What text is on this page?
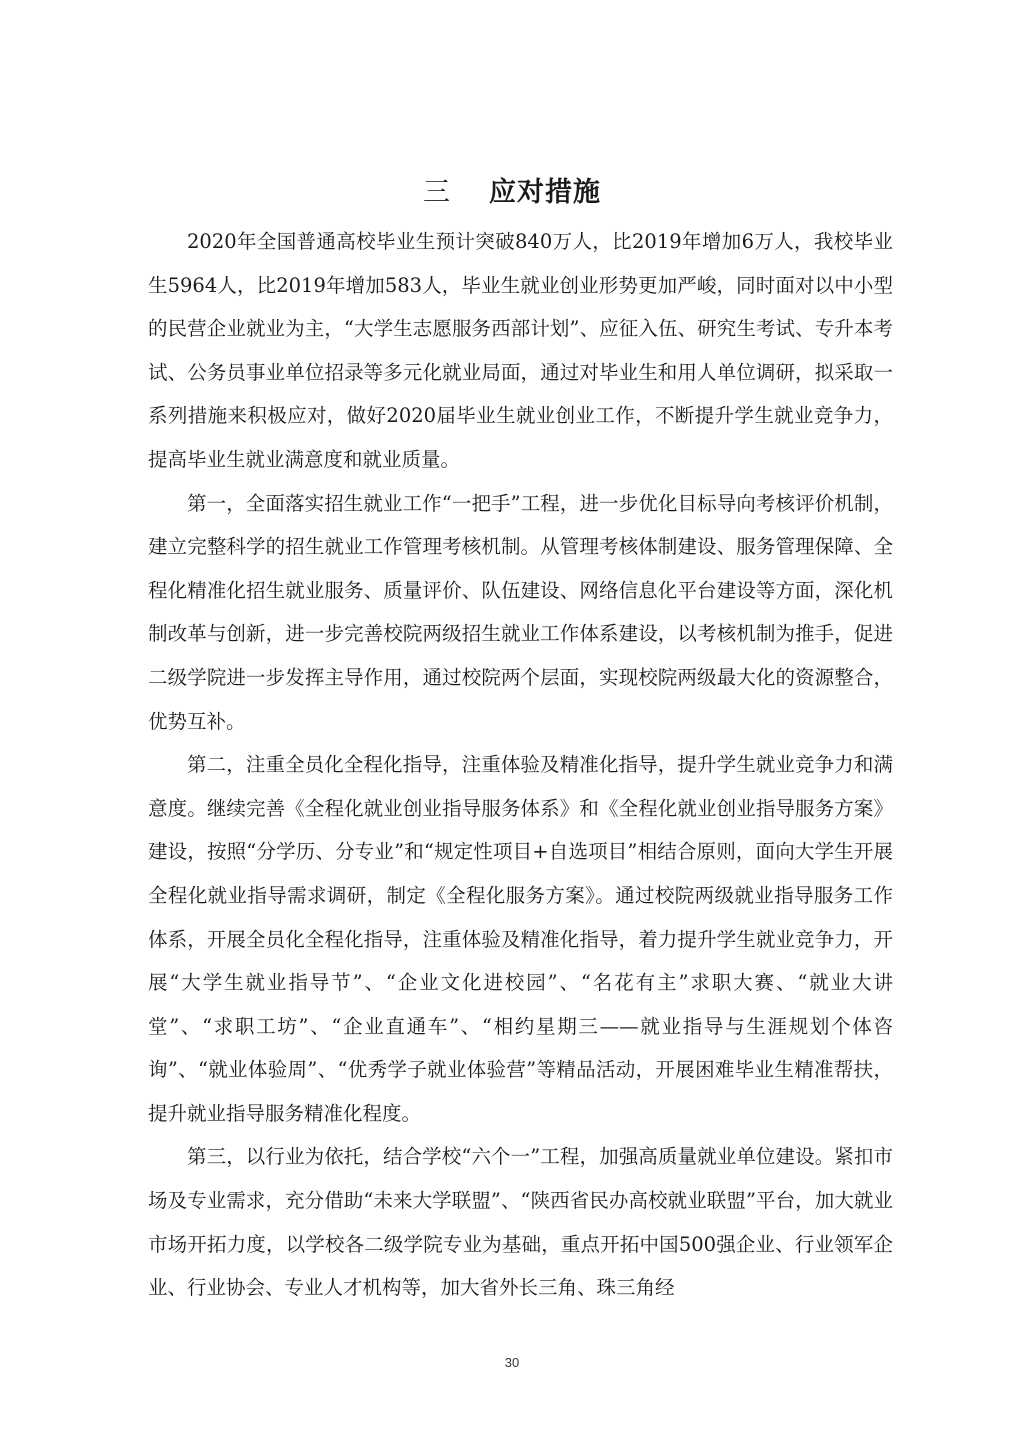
三 应对措施

2020年全国普通高校毕业生预计突破840万人，比2019年增加6万人，我校毕业生5964人，比2019年增加583人，毕业生就业创业形势更加严峻，同时面对以中小型的民营企业就业为主，“大学生志愿服务西部计划”、应征入伍、研究生考试、专升本考试、公务员事业单位招录等多元化就业局面，通过对毕业生和用人单位调研，拟采取一系列措施来积极应对，做好2020届毕业生就业创业工作，不断提升学生就业竞争力，提高毕业生就业满意度和就业质量。

第一，全面落实招生就业工作“一把手”工程，进一步优化目标导向考核评价机制，建立完整科学的招生就业工作管理考核机制。从管理考核体制建设、服务管理保障、全程化精准化招生就业服务、质量评价、队伍建设、网络信息化平台建设等方面，深化机制改革与创新，进一步完善校院两级招生就业工作体系建设，以考核机制为推手，促进二级学院进一步发挥主导作用，通过校院两个层面，实现校院两级最大化的资源整合，优势互补。

第二，注重全员化全程化指导，注重体验及精准化指导，提升学生就业竞争力和满意度。继续完善《全程化就业创业指导服务体系》和《全程化就业创业指导服务方案》建设，按照“分学历、分专业”和“规定性项目+自选项目”相结合原则，面向大学生开展全程化就业指导需求调研，制定《全程化服务方案》。通过校院两级就业指导服务工作体系，开展全员化全程化指导，注重体验及精准化指导，着力提升学生就业竞争力，开展“大学生就业指导节”、“企业文化进校园”、“名花有主”求职大赛、“就业大讲堂”、“求职工坊”、“企业直通车”、“相约星期三——就业指导与生涯规划个体咨询”、“就业体验周”、“优秀学子就业体验营”等精品活动，开展困难毕业生精准帮扶，提升就业指导服务精准化程度。

第三，以行业为依托，结合学校“六个一”工程，加强高质量就业单位建设。紧扣市场及专业需求，充分借助“未来大学联盟”、“陕西省民办高校就业联盟”平台，加大就业市场开拓力度，以学校各二级学院专业为基础，重点开拓中国500强企业、行业领军企业、行业协会、专业人才机构等，加大省外长三角、珠三角经

30
